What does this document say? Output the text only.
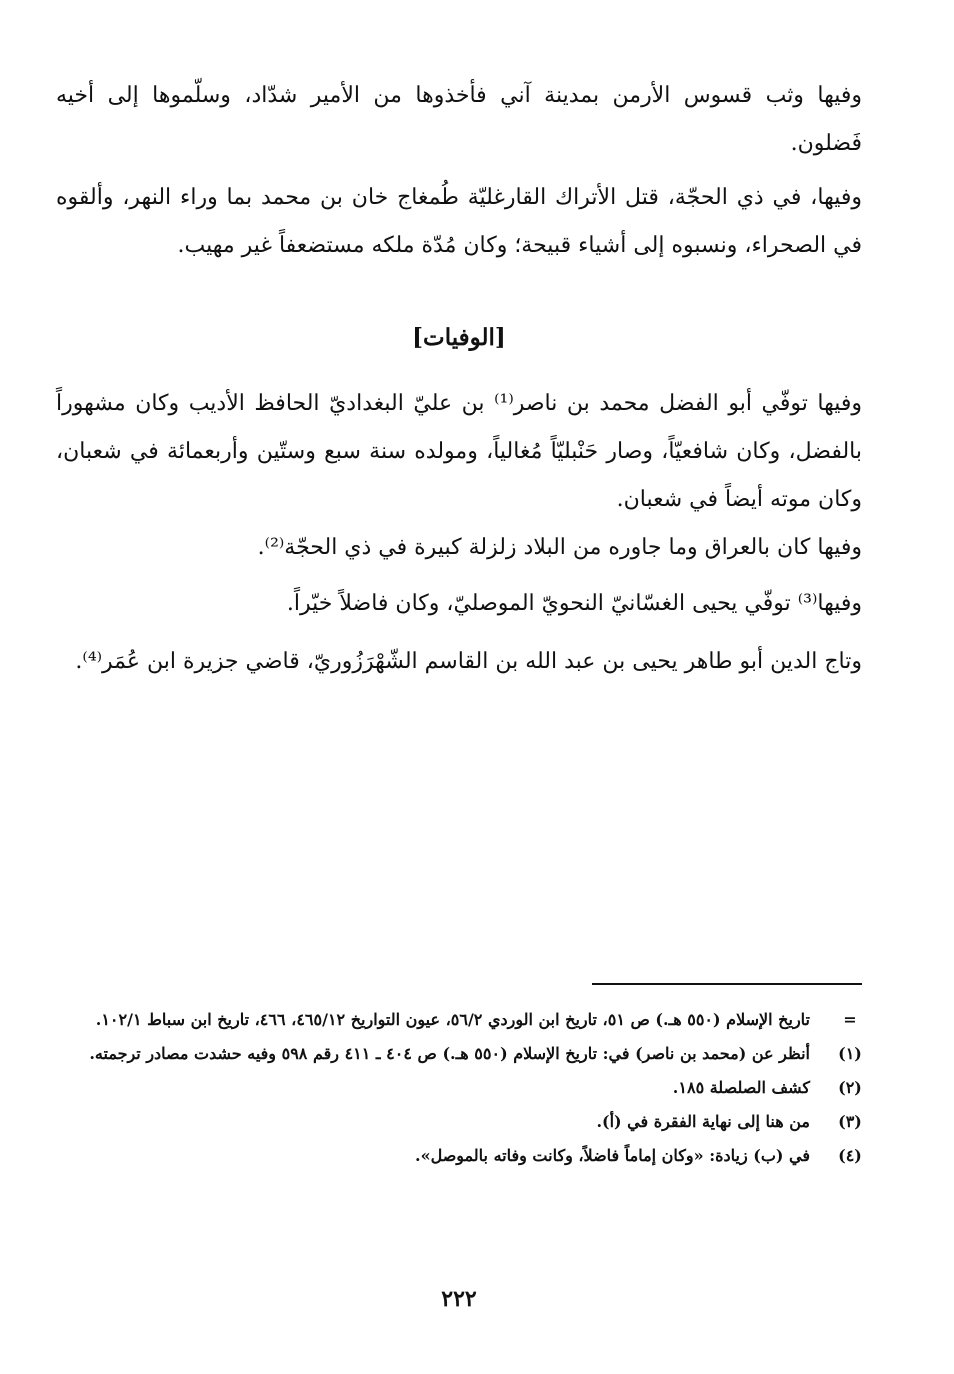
وفيها وثب قسوس الأرمن بمدينة آني فأخذوها من الأمير شدّاد، وسلّموها إلى أخيه فَضلون.

وفيها، في ذي الحجّة، قتل الأتراك القارغليّة طُمغاج خان بن محمد بما وراء النهر، وألقوه في الصحراء، ونسبوه إلى أشياء قبيحة؛ وكان مُدّة ملكه مستضعفاً غير مهيب.

[الوفيات]

وفيها توفّي أبو الفضل محمد بن ناصر⁽¹⁾ بن عليّ البغداديّ الحافظ الأديب وكان مشهوراً بالفضل، وكان شافعيّاً، وصار حَنْبليّاً مُغالياً، ومولده سنة سبع وستّين وأربعمائة في شعبان، وكان موته أيضاً في شعبان.

وفيها كان بالعراق وما جاوره من البلاد زلزلة كبيرة في ذي الحجّة⁽²⁾.

وفيها⁽³⁾ توفّي يحيى الغسّانيّ النحويّ الموصليّ، وكان فاضلاً خيّراً.

وتاج الدين أبو طاهر يحيى بن عبد الله بن القاسم الشّهْرَزُوريّ، قاضي جزيرة ابن عُمَر⁽⁴⁾.

=
تاريخ الإسلام (٥٥٠ هـ.) ص ٥١، تاريخ ابن الوردي ٥٦/٢، عيون التواريخ ٤٦٥/١٢، ٤٦٦، تاريخ ابن سباط ١٠٢/١.
(١)
أنظر عن (محمد بن ناصر) في: تاريخ الإسلام (٥٥٠ هـ.) ص ٤٠٤ ـ ٤١١ رقم ٥٩٨ وفيه حشدت مصادر ترجمته.
(٢)
كشف الصلصلة ١٨٥.
(٣)
من هنا إلى نهاية الفقرة في (أ).
(٤)
في (ب) زيادة: «وكان إماماً فاضلاً، وكانت وفاته بالموصل».
٢٢٢
